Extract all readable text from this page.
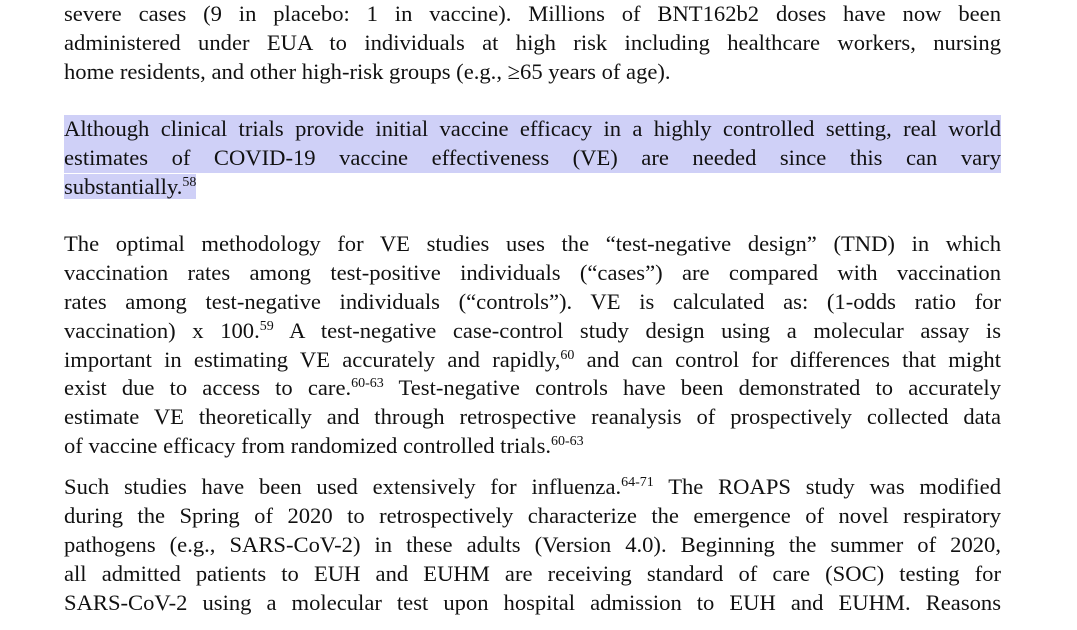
severe cases (9 in placebo: 1 in vaccine). Millions of BNT162b2 doses have now been
administered under EUA to individuals at high risk including healthcare workers, nursing
home residents, and other high-risk groups (e.g., ≥65 years of age).

Although clinical trials provide initial vaccine efficacy in a highly controlled setting, real world
estimates of COVID-19 vaccine effectiveness (VE) are needed since this can vary
substantially.$^{58}$

The optimal methodology for VE studies uses the “test-negative design” (TND) in which
vaccination rates among test-positive individuals (“cases”) are compared with vaccination
rates among test-negative individuals (“controls”). VE is calculated as: (1-odds ratio for
vaccination) x 100.59 A test-negative case-control study design using a molecular assay is
important in estimating VE accurately and rapidly,$^{60}$ and can control for differences that might
exist due to access to care.$^{60-63}$ Test-negative controls have been demonstrated to accurately
estimate VE theoretically and through retrospective reanalysis of prospectively collected data
of vaccine efficacy from randomized controlled trials.$^{60-63}$

Such studies have been used extensively for influenza.$^{64-71}$ The ROAPS study was modified
during the Spring of 2020 to retrospectively characterize the emergence of novel respiratory
pathogens (e.g., SARS-CoV-2) in these adults (Version 4.0). Beginning the summer of 2020,
all admitted patients to EUH and EUHM are receiving standard of care (SOC) testing for
SARS-CoV-2 using a molecular test upon hospital admission to EUH and EUHM. Reasons
